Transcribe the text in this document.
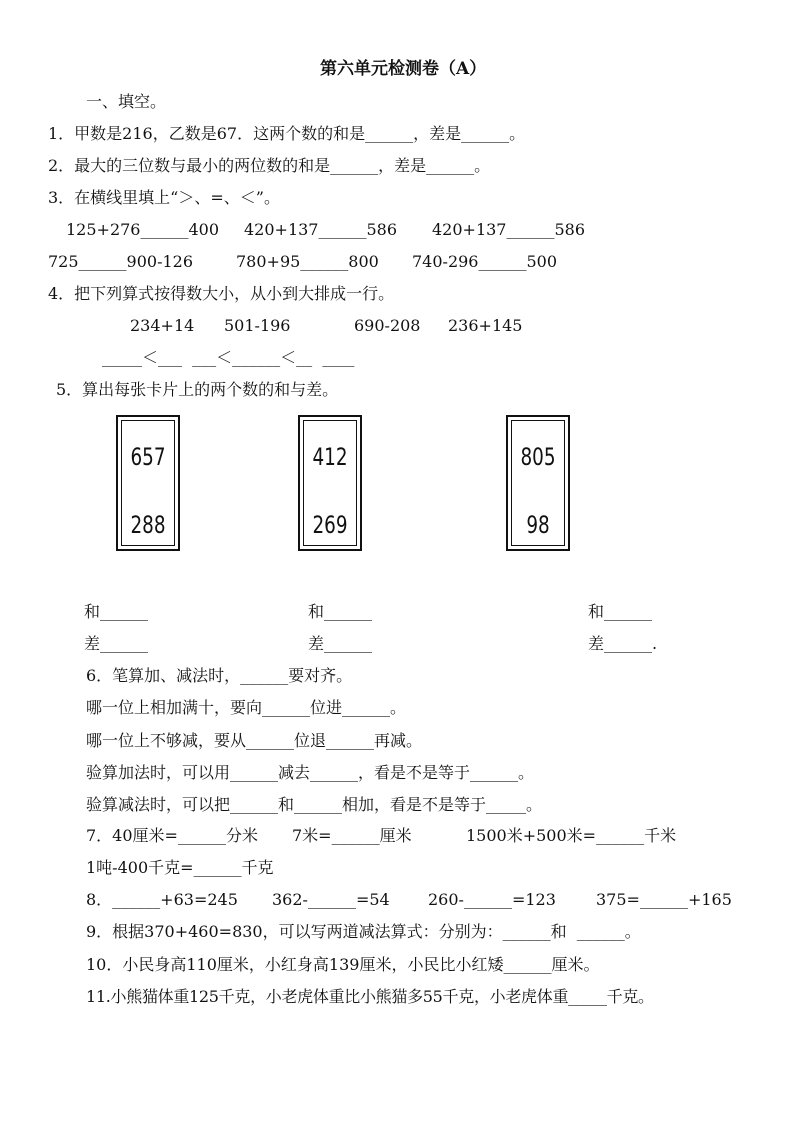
第六单元检测卷（A）
一、填空。
1．甲数是216，乙数是67．这两个数的和是______，差是______。
2．最大的三位数与最小的两位数的和是______，差是______。
3．在横线里填上“＞、=、＜”。
125+276______400 420+137______586 420+137______586
725______900-126	780+95______800 740-296______500
4．把下列算式按得数大小，从小到大排成一行。
234+14 501-196	690-208 236+145
_____＜___  ___＜______＜__  ____
5．算出每张卡片上的两个数的和与差。
657
288
412
269
805
98
和______	和______	和______
差______	差______	差______.
6．笔算加、减法时，______要对齐。
哪一位上相加满十，要向______位进______。
哪一位上不够减，要从______位退______再减。
验算加法时，可以用______减去______，看是不是等于______。
验算减法时，可以把______和______相加，看是不是等于_____。
7．40厘米=______分米 7米=______厘米	1500米+500米=______千米
1吨-400千克=______千克
8．______+63=245 362-______=54 260-______=123	375=______+165
9．根据370+460=830，可以写两道减法算式：分别为：______和  ______。
10．小民身高110厘米，小红身高139厘米，小民比小红矮______厘米。
11.小熊猫体重125千克，小老虎体重比小熊猫多55千克，小老虎体重_____千克。
